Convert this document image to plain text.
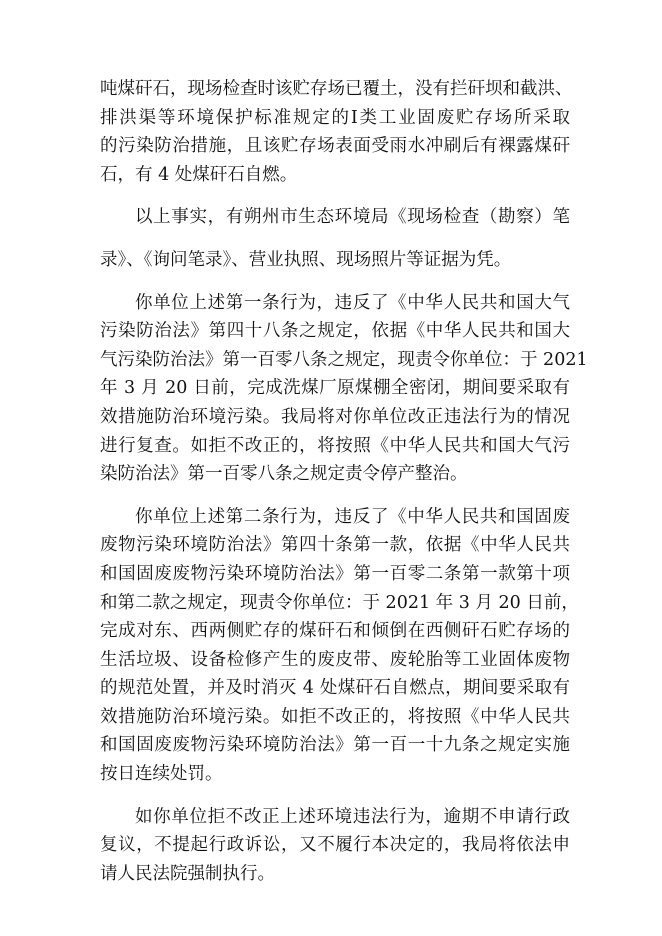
吨煤矸石，现场检查时该贮存场已覆土，没有拦矸坝和截洪、
排洪渠等环境保护标准规定的Ⅰ类工业固废贮存场所采取
的污染防治措施，且该贮存场表面受雨水冲刷后有裸露煤矸
石，有 4 处煤矸石自燃。
以上事实，有朔州市生态环境局《现场检查（勘察）笔
录》、《询问笔录》、营业执照、现场照片等证据为凭。
你单位上述第一条行为，违反了《中华人民共和国大气
污染防治法》第四十八条之规定，依据《中华人民共和国大
气污染防治法》第一百零八条之规定，现责令你单位：于 2021
年 3 月 20 日前，完成洗煤厂原煤棚全密闭，期间要采取有
效措施防治环境污染。我局将对你单位改正违法行为的情况
进行复查。如拒不改正的，将按照《中华人民共和国大气污
染防治法》第一百零八条之规定责令停产整治。
你单位上述第二条行为，违反了《中华人民共和国固废
废物污染环境防治法》第四十条第一款，依据《中华人民共
和国固废废物污染环境防治法》第一百零二条第一款第十项
和第二款之规定，现责令你单位：于 2021 年 3 月 20 日前，
完成对东、西两侧贮存的煤矸石和倾倒在西侧矸石贮存场的
生活垃圾、设备检修产生的废皮带、废轮胎等工业固体废物
的规范处置，并及时消灭 4 处煤矸石自燃点，期间要采取有
效措施防治环境污染。如拒不改正的，将按照《中华人民共
和国固废废物污染环境防治法》第一百一十九条之规定实施
按日连续处罚。
如你单位拒不改正上述环境违法行为，逾期不申请行政
复议，不提起行政诉讼，又不履行本决定的，我局将依法申
请人民法院强制执行。
